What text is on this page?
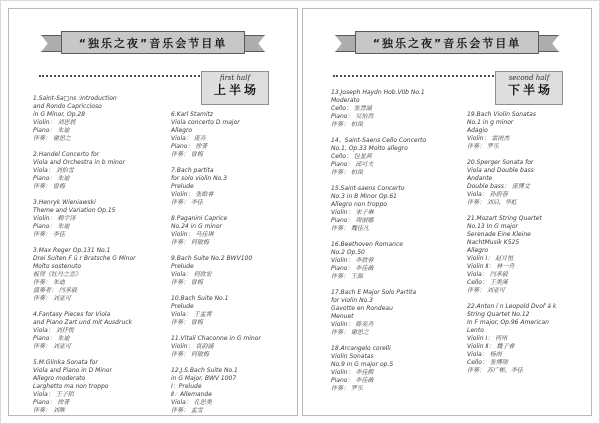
“独乐之夜”音乐会节目单
first half
上半场
1.Saint-Sa□ns :Introduction
and Rondo Capriccioso
in G Minor, Op.28
Violin： 刘思晨
Piano： 朱迪
伴奏： 谢思之
2.Handel Concerto for
Viola and Orchestra in b minor
Viola： 刘怡雪
Piano： 朱迪
伴奏： 曾梅
3.Henryk Wieniawski
Theme and Variation Op.15
Violin： 赖宇泽
Piano： 朱迪
伴奏： 李佳
3.Max Reger Op.131 No.1
Drei Suiten F ü r Bratsche G Minor
Molto sostenuto
板贤《牡丹之恋》
伴奏： 朱迪
演奏者： 闫承毅
伴奏： 刘亚可
4.Fantasy Pieces for Viola
and Piano Zart und mit Ausdruck
Viola： 刘抒悦
Piano： 朱迪
伴奏： 刘亚可
5.M.Glinka Sonata for
Viola and Piano in D Minor
Allegro moderato
Larghetto ma non troppo
Viola： 王子陌
Piano： 徐菁
伴奏： 刘唯
6.Karl Stamitz
Viola concerto D major
Allegro
Viola： 庞卉
Piano： 徐菁
伴奏： 曾梅
7.Bach partita
for solo violin No.3
Prelude
Violin： 张皓睿
伴奏： 李佳
8.Paganini Caprice
No.24 in G minor
Violin： 马佳琪
伴奏： 何敏梅
9.Bach Suite No.2 BWV100
Prelude
Viola： 何欣宏
伴奏： 曾梅
10.Bach Suite No.1
Prelude
Viola： 王孟霄
伴奏： 曾梅
11.Vitali Chaconne in G minor
Violin： 袁韵涵
伴奏： 何敏梅
12.J.S.Bach Suite No.1
in G Major, BWV 1007
Ⅰ：Prelude
Ⅱ：Allemande
Viola： 孔思美
伴奏： 孟雪
“独乐之夜”音乐会节目单
second half
下半场
13.Joseph Haydn Hob.VIIb No.1
Moderato
Cello： 张慧涵
Piano： 吴怡然
伴奏： 柏岚
14、Saint-Saens Cello Concerto
No.1, Op.33 Molto allegro
Cello： 包星茜
Piano： 邱可夫
伴奏： 柏岚
15.Saint-saens Concerto
No.3 in B Minor Op.61
Allegro non troppo
Violin： 宋子琳
Piano： 周丽娜
伴奏： 魏佳凡
16.Beethoven Romance
No.2 Op.50
Violin： 李欣蓉
Piano： 李佳薇
伴奏： 王源
17.Bach E Major Solo Partita
for violin No.3
Gavotte en Rondeau
Menuet
Violin： 陈奕舟
伴奏： 谢思之
18.Arcangelo corelli
Violin Sonatas
No.9 in G major op.5
Violin： 李佳熙
Piano： 李佳薇
伴奏： 罗乐
19.Bach Violin Sonatas
No.1 in g minor
Adagio
Violin： 雷雨杰
伴奏： 罗乐
20.Sperger Sonata for
Viola and Double bass
Andante
Double bass： 庞博文
Viola： 孙蔚春
伴奏： 刘启，华虹
21.Mozart String Quartet
No.13 In G major
Serenade Eine Kleine
NachtMusik K525
Allegro
Violin Ⅰ： 赵月恒
Violin Ⅱ： 林一舟
Viola： 闫承毅
Cello： 王美溪
伴奏： 刘亚可
22.Anton í n Leopold Dvoř á k
String Quartet No.12
In F major, Op.96 American
Lento
Violin Ⅰ： 何州
Violin Ⅱ： 魏子睿
Viola： 杨雨
Cello： 张博勋
伴奏： 苏广彬，李佳
